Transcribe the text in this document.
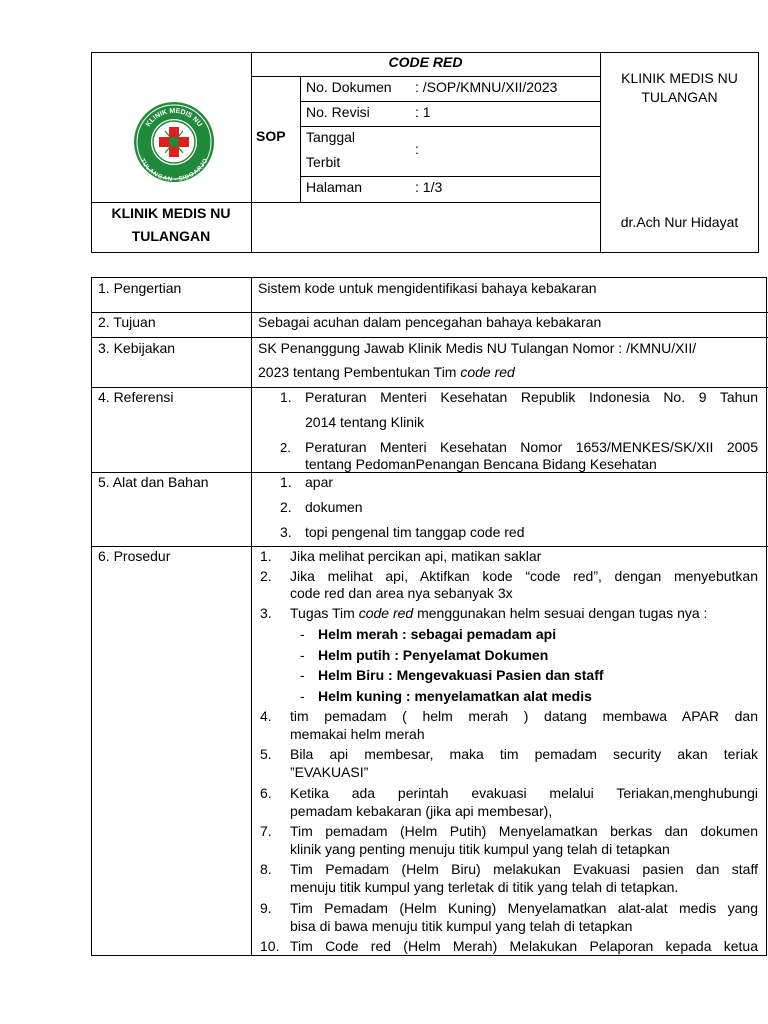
KLINIK MEDIS NU
TULANGAN - SIDOARJO
CODE RED
SOP
No. Dokumen : /SOP/KMNU/XII/2023
No. Revisi	: 1
Tanggal
Terbit
:
Halaman	: 1/3
KLINIK MEDIS NU
TULANGAN
dr.Ach Nur Hidayat
KLINIK MEDIS NU
TULANGAN
1. Pengertian	Sistem kode untuk mengidentifikasi bahaya kebakaran
2. Tujuan	Sebagai acuhan dalam pencegahan bahaya kebakaran
3. Kebijakan	SK Penanggung Jawab Klinik Medis NU Tulangan Nomor : /KMNU/XII/
2023 tentang Pembentukan Tim code red
4. Referensi	1. Peraturan Menteri Kesehatan Republik Indonesia No. 9 Tahun
2014 tentang Klinik
2. Peraturan Menteri Kesehatan Nomor 1653/MENKES/SK/XII 2005
tentang PedomanPenangan Bencana Bidang Kesehatan
5. Alat dan Bahan	1. apar
2. dokumen
3. topi pengenal tim tanggap code red
6. Prosedur	1. Jika melihat percikan api, matikan saklar
2. Jika melihat api, Aktifkan kode “code red”, dengan menyebutkan
code red dan area nya sebanyak 3x
3. Tugas Tim code red menggunakan helm sesuai dengan tugas nya :
- Helm merah : sebagai pemadam api
- Helm putih : Penyelamat Dokumen
- Helm Biru : Mengevakuasi Pasien dan staff
- Helm kuning : menyelamatkan alat medis
4. tim pemadam ( helm merah ) datang membawa APAR dan
memakai helm merah
5. Bila api membesar, maka tim pemadam security akan teriak
”EVAKUASI”
6. Ketika ada perintah evakuasi melalui Teriakan,menghubungi
pemadam kebakaran (jika api membesar),
7. Tim pemadam (Helm Putih) Menyelamatkan berkas dan dokumen
klinik yang penting menuju titik kumpul yang telah di tetapkan
8. Tim Pemadam (Helm Biru) melakukan Evakuasi pasien dan staff
menuju titik kumpul yang terletak di titik yang telah di tetapkan.
9. Tim Pemadam (Helm Kuning) Menyelamatkan alat-alat medis yang
bisa di bawa menuju titik kumpul yang telah di tetapkan
10. Tim Code red (Helm Merah) Melakukan Pelaporan kepada ketua
